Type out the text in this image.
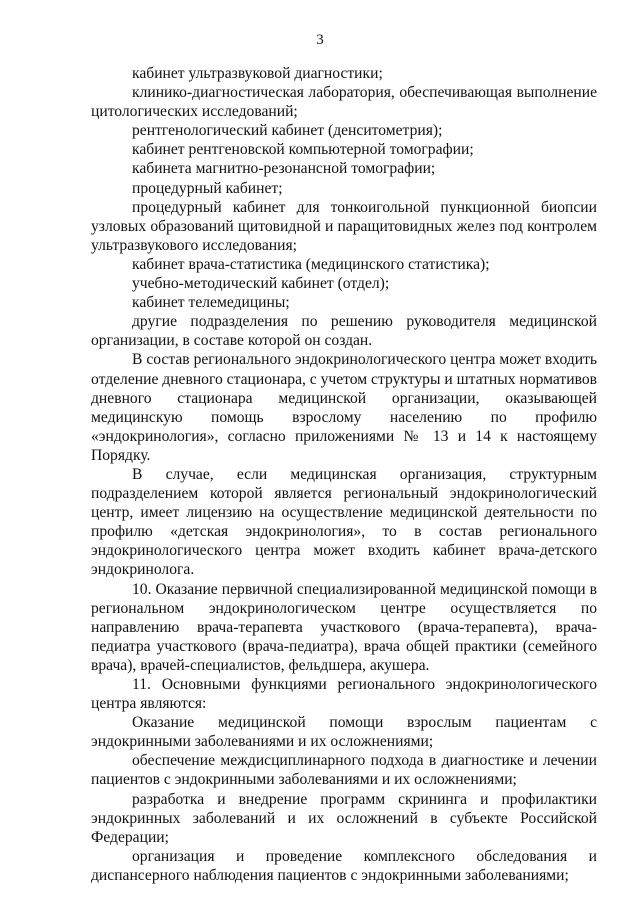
3

кабинет ультразвуковой диагностики;

клинико-диагностическая лаборатория, обеспечивающая выполнение цитологических исследований;

рентгенологический кабинет (денситометрия);

кабинет рентгеновской компьютерной томографии;

кабинета магнитно-резонансной томографии;

процедурный кабинет;

процедурный кабинет для тонкоигольной пункционной биопсии узловых образований щитовидной и паращитовидных желез под контролем ультразвукового исследования;

кабинет врача-статистика (медицинского статистика);

учебно-методический кабинет (отдел);

кабинет телемедицины;

другие подразделения по решению руководителя медицинской организации, в составе которой он создан.

В состав регионального эндокринологического центра может входить отделение дневного стационара, с учетом структуры и штатных нормативов дневного стационара медицинской организации, оказывающей медицинскую помощь взрослому населению по профилю «эндокринология», согласно приложениями № 13 и 14 к настоящему Порядку.

В случае, если медицинская организация, структурным подразделением которой является региональный эндокринологический центр, имеет лицензию на осуществление медицинской деятельности по профилю «детская эндокринология», то в состав регионального эндокринологического центра может входить кабинет врача-детского эндокринолога.

10. Оказание первичной специализированной медицинской помощи в региональном эндокринологическом центре осуществляется по направлению врача-терапевта участкового (врача-терапевта), врача-педиатра участкового (врача-педиатра), врача общей практики (семейного врача), врачей-специалистов, фельдшера, акушера.

11. Основными функциями регионального эндокринологического центра являются:

Оказание медицинской помощи взрослым пациентам с эндокринными заболеваниями и их осложнениями;

обеспечение междисциплинарного подхода в диагностике и лечении пациентов с эндокринными заболеваниями и их осложнениями;

разработка и внедрение программ скрининга и профилактики эндокринных заболеваний и их осложнений в субъекте Российской Федерации;

организация и проведение комплексного обследования и диспансерного наблюдения пациентов с эндокринными заболеваниями;
